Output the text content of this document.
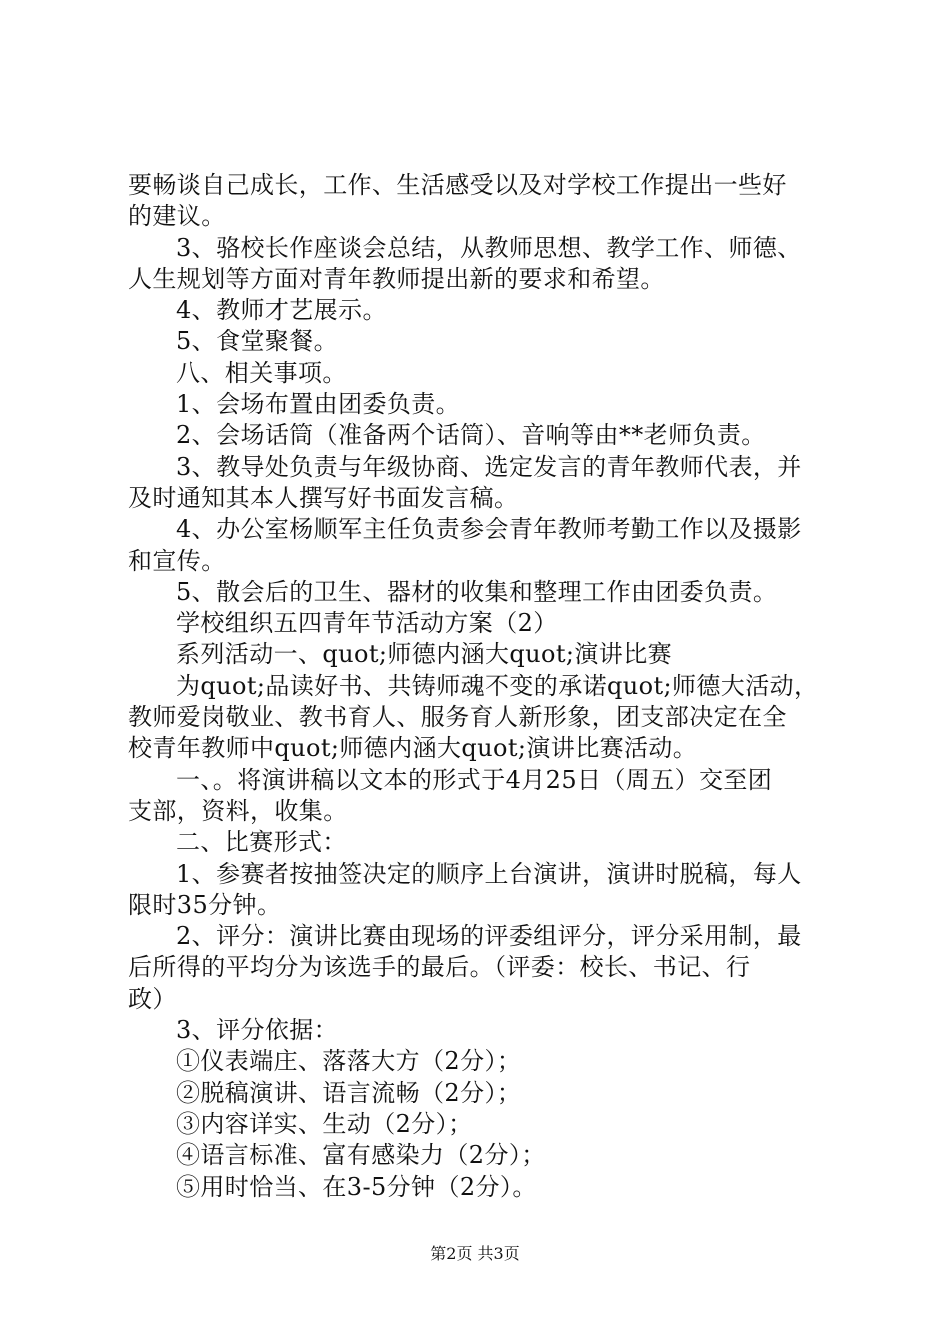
要畅谈自己成长，工作、生活感受以及对学校工作提出一些好
的建议。
3、骆校长作座谈会总结，从教师思想、教学工作、师德、
人生规划等方面对青年教师提出新的要求和希望。
4、教师才艺展示。
5、食堂聚餐。
八、相关事项。
1、会场布置由团委负责。
2、会场话筒（准备两个话筒）、音响等由**老师负责。
3、教导处负责与年级协商、选定发言的青年教师代表，并
及时通知其本人撰写好书面发言稿。
4、办公室杨顺军主任负责参会青年教师考勤工作以及摄影
和宣传。
5、散会后的卫生、器材的收集和整理工作由团委负责。
学校组织五四青年节活动方案（2）
系列活动一、quot;师德内涵大quot;演讲比赛
为quot;品读好书、共铸师魂不变的承诺quot;师德大活动，
教师爱岗敬业、教书育人、服务育人新形象，团支部决定在全
校青年教师中quot;师德内涵大quot;演讲比赛活动。
一、。将演讲稿以文本的形式于4月25日（周五）交至团
支部，资料，收集。
二、比赛形式：
1、参赛者按抽签决定的顺序上台演讲，演讲时脱稿，每人
限时35分钟。
2、评分：演讲比赛由现场的评委组评分，评分采用制，最
后所得的平均分为该选手的最后。（评委：校长、书记、行
政）
3、评分依据：
①仪表端庄、落落大方（2分）；
②脱稿演讲、语言流畅（2分）；
③内容详实、生动（2分）；
④语言标准、富有感染力（2分）；
⑤用时恰当、在3-5分钟（2分）。
第2页 共3页
